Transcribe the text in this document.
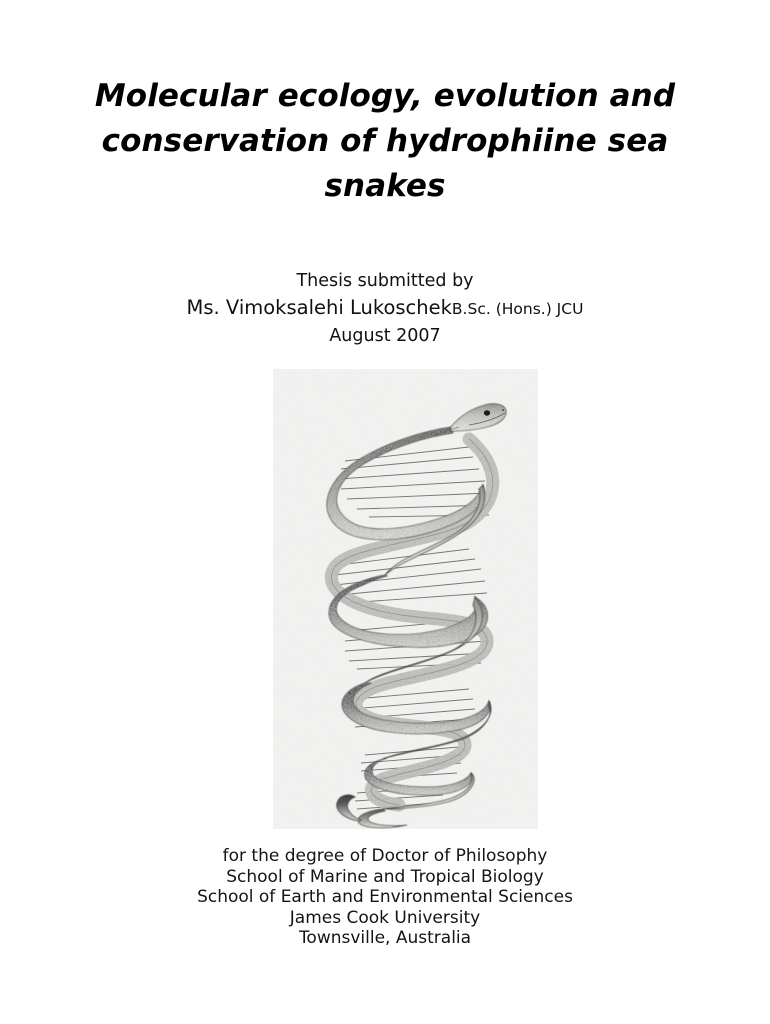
Molecular ecology, evolution and
conservation of hydrophiine sea
snakes
Thesis submitted by
Ms. Vimoksalehi LukoschekB.Sc. (Hons.) JCU
August 2007
for the degree of Doctor of Philosophy
School of Marine and Tropical Biology
School of Earth and Environmental Sciences
James Cook University
Townsville, Australia
